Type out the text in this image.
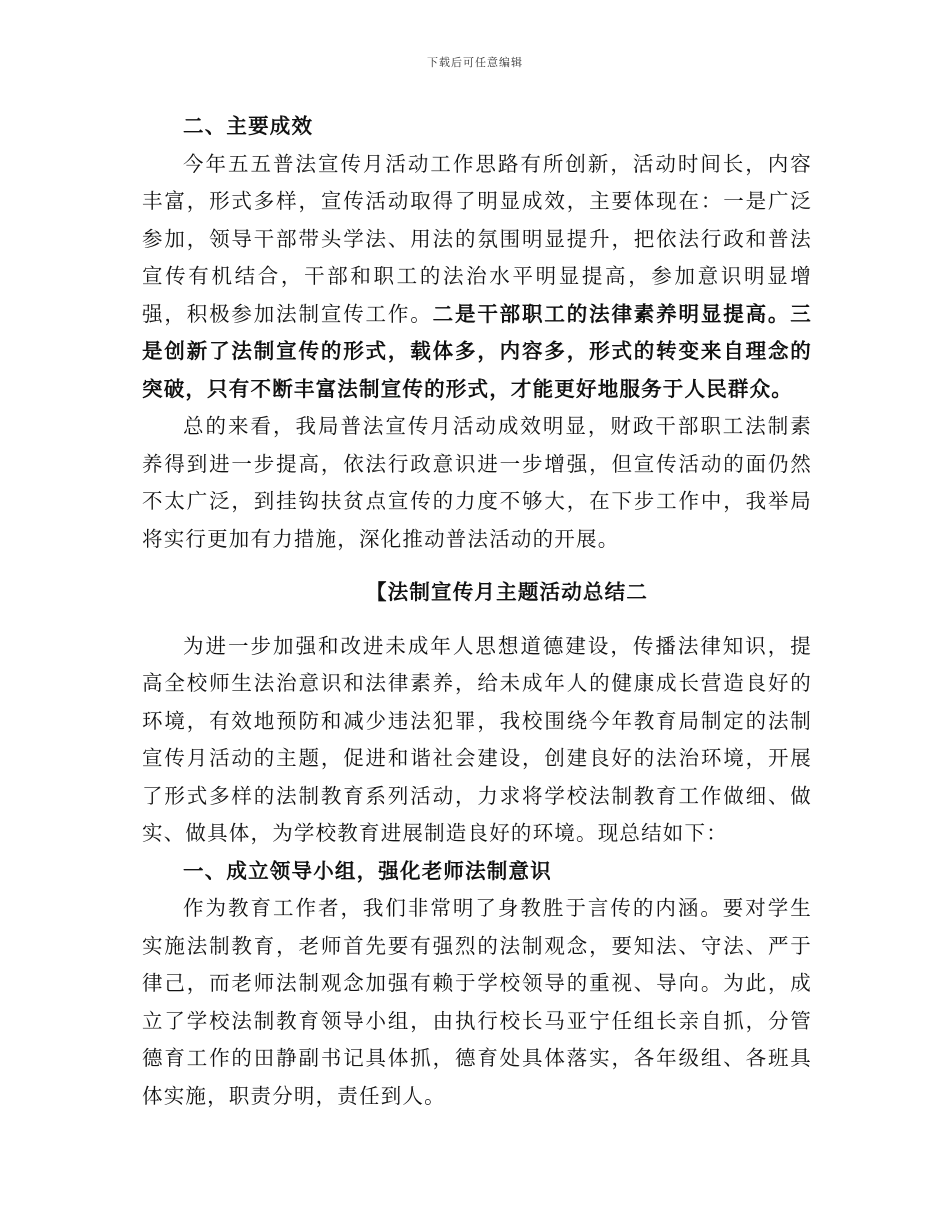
下载后可任意编辑

二、主要成效

今年五五普法宣传月活动工作思路有所创新，活动时间长，内容丰富，形式多样，宣传活动取得了明显成效，主要体现在：一是广泛参加，领导干部带头学法、用法的氛围明显提升，把依法行政和普法宣传有机结合，干部和职工的法治水平明显提高，参加意识明显增强，积极参加法制宣传工作。二是干部职工的法律素养明显提高。三是创新了法制宣传的形式，载体多，内容多，形式的转变来自理念的突破，只有不断丰富法制宣传的形式，才能更好地服务于人民群众。

总的来看，我局普法宣传月活动成效明显，财政干部职工法制素养得到进一步提高，依法行政意识进一步增强，但宣传活动的面仍然不太广泛，到挂钩扶贫点宣传的力度不够大，在下步工作中，我举局将实行更加有力措施，深化推动普法活动的开展。

【法制宣传月主题活动总结二

为进一步加强和改进未成年人思想道德建设，传播法律知识，提高全校师生法治意识和法律素养，给未成年人的健康成长营造良好的环境，有效地预防和减少违法犯罪，我校围绕今年教育局制定的法制宣传月活动的主题，促进和谐社会建设，创建良好的法治环境，开展了形式多样的法制教育系列活动，力求将学校法制教育工作做细、做实、做具体，为学校教育进展制造良好的环境。现总结如下：

一、成立领导小组，强化老师法制意识

作为教育工作者，我们非常明了身教胜于言传的内涵。要对学生实施法制教育，老师首先要有强烈的法制观念，要知法、守法、严于律己，而老师法制观念加强有赖于学校领导的重视、导向。为此，成立了学校法制教育领导小组，由执行校长马亚宁任组长亲自抓，分管德育工作的田静副书记具体抓，德育处具体落实，各年级组、各班具体实施，职责分明，责任到人。
